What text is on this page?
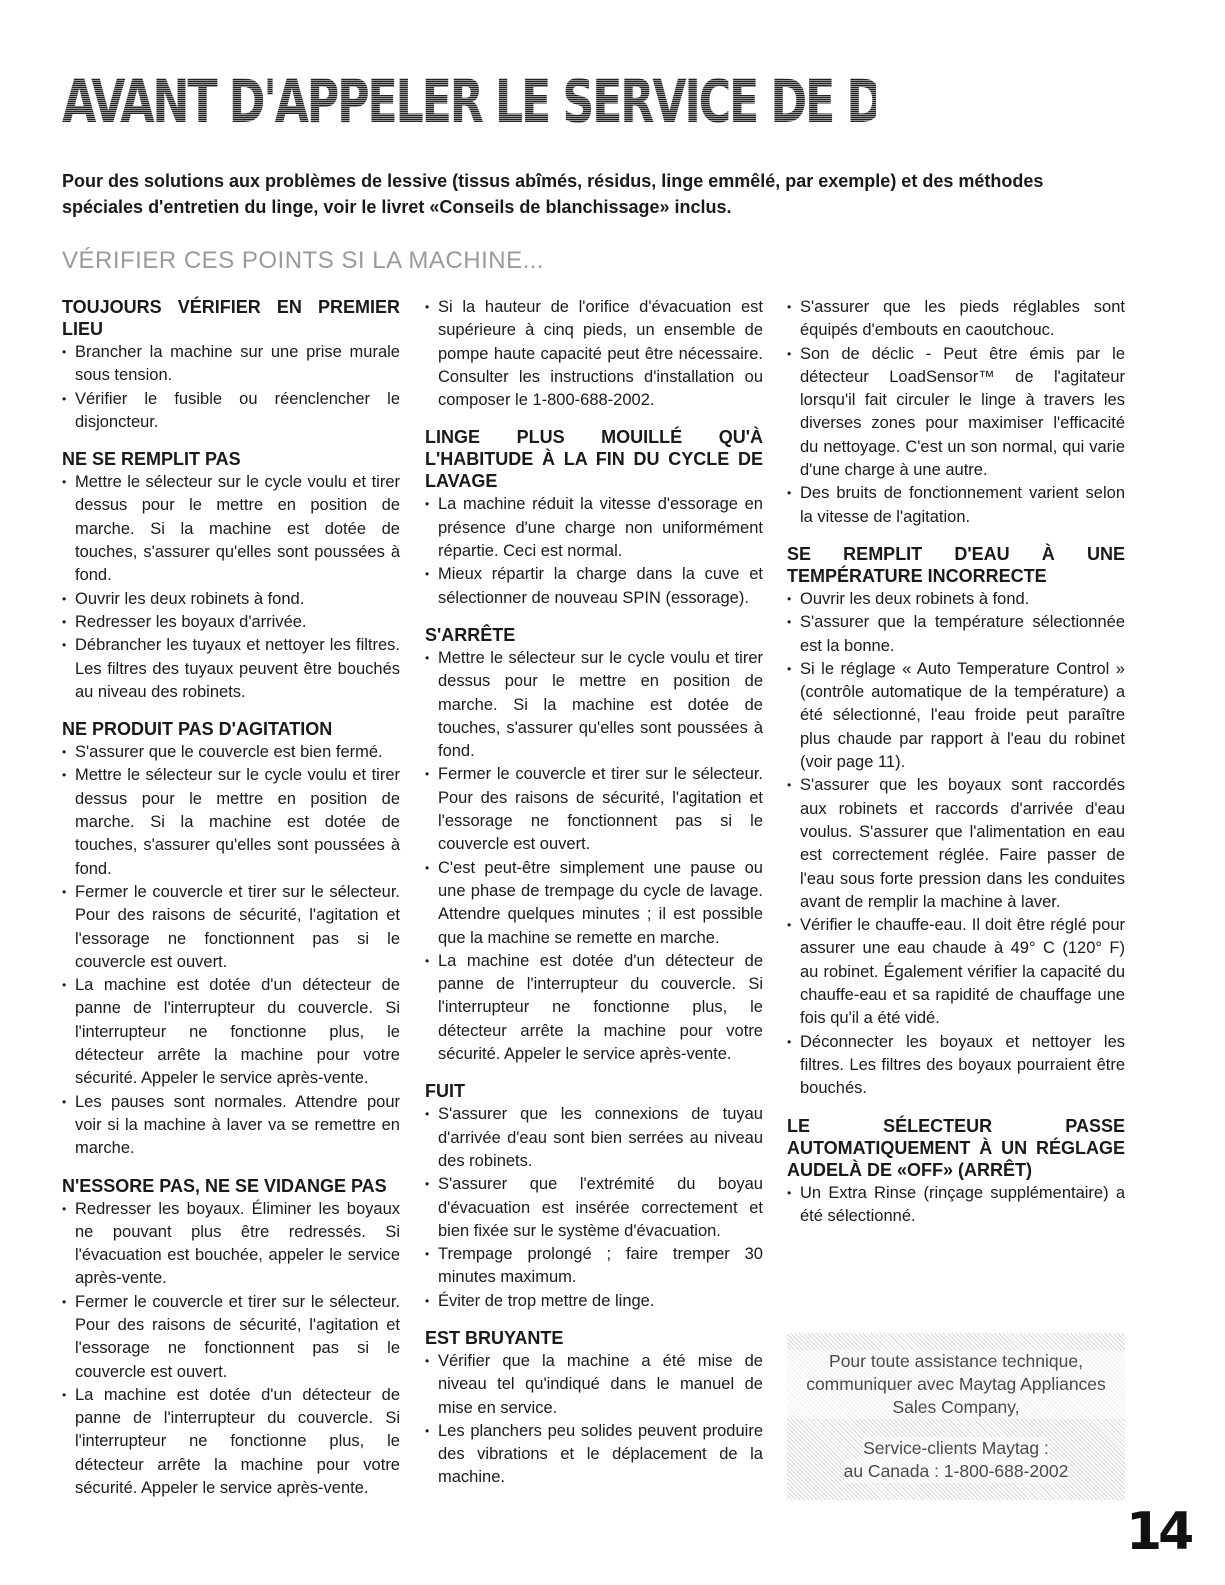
AVANT D'APPELER LE SERVICE DE DÉPANNAGE

Pour des solutions aux problèmes de lessive (tissus abîmés, résidus, linge emmêlé, par exemple) et des méthodes spéciales d'entretien du linge, voir le livret «Conseils de blanchissage» inclus.

VÉRIFIER CES POINTS SI LA MACHINE...
TOUJOURS VÉRIFIER EN PREMIER LIEU
• Brancher la machine sur une prise murale sous tension.
• Vérifier le fusible ou réenclencher le disjoncteur.
NE SE REMPLIT PAS
• Mettre le sélecteur sur le cycle voulu et tirer dessus pour le mettre en position de marche. Si la machine est dotée de touches, s'assurer qu'elles sont poussées à fond.
• Ouvrir les deux robinets à fond.
• Redresser les boyaux d'arrivée.
• Débrancher les tuyaux et nettoyer les filtres. Les filtres des tuyaux peuvent être bouchés au niveau des robinets.
NE PRODUIT PAS D'AGITATION
• S'assurer que le couvercle est bien fermé.
• Mettre le sélecteur sur le cycle voulu et tirer dessus pour le mettre en position de marche. Si la machine est dotée de touches, s'assurer qu'elles sont poussées à fond.
• Fermer le couvercle et tirer sur le sélecteur. Pour des raisons de sécurité, l'agitation et l'essorage ne fonctionnent pas si le couvercle est ouvert.
• La machine est dotée d'un détecteur de panne de l'interrupteur du couvercle. Si l'interrupteur ne fonctionne plus, le détecteur arrête la machine pour votre sécurité. Appeler le service après-vente.
• Les pauses sont normales. Attendre pour voir si la machine à laver va se remettre en marche.
N'ESSORE PAS, NE SE VIDANGE PAS
• Redresser les boyaux. Éliminer les boyaux ne pouvant plus être redressés. Si l'évacuation est bouchée, appeler le service après-vente.
• Fermer le couvercle et tirer sur le sélecteur. Pour des raisons de sécurité, l'agitation et l'essorage ne fonctionnent pas si le couvercle est ouvert.
• La machine est dotée d'un détecteur de panne de l'interrupteur du couvercle. Si l'interrupteur ne fonctionne plus, le détecteur arrête la machine pour votre sécurité. Appeler le service après-vente.
• Si la hauteur de l'orifice d'évacuation est supérieure à cinq pieds, un ensemble de pompe haute capacité peut être nécessaire. Consulter les instructions d'installation ou composer le 1-800-688-2002.
LINGE PLUS MOUILLÉ QU'À L'HABITUDE À LA FIN DU CYCLE DE LAVAGE
• La machine réduit la vitesse d'essorage en présence d'une charge non uniformément répartie. Ceci est normal.
• Mieux répartir la charge dans la cuve et sélectionner de nouveau SPIN (essorage).
S'ARRÊTE
• Mettre le sélecteur sur le cycle voulu et tirer dessus pour le mettre en position de marche. Si la machine est dotée de touches, s'assurer qu'elles sont poussées à fond.
• Fermer le couvercle et tirer sur le sélecteur. Pour des raisons de sécurité, l'agitation et l'essorage ne fonctionnent pas si le couvercle est ouvert.
• C'est peut-être simplement une pause ou une phase de trempage du cycle de lavage. Attendre quelques minutes ; il est possible que la machine se remette en marche.
• La machine est dotée d'un détecteur de panne de l'interrupteur du couvercle. Si l'interrupteur ne fonctionne plus, le détecteur arrête la machine pour votre sécurité. Appeler le service après-vente.
FUIT
• S'assurer que les connexions de tuyau d'arrivée d'eau sont bien serrées au niveau des robinets.
• S'assurer que l'extrémité du boyau d'évacuation est insérée correctement et bien fixée sur le système d'évacuation.
• Trempage prolongé ; faire tremper 30 minutes maximum.
• Éviter de trop mettre de linge.
EST BRUYANTE
• Vérifier que la machine a été mise de niveau tel qu'indiqué dans le manuel de mise en service.
• Les planchers peu solides peuvent produire des vibrations et le déplacement de la machine.
• S'assurer que les pieds réglables sont équipés d'embouts en caoutchouc.
• Son de déclic - Peut être émis par le détecteur LoadSensor™ de l'agitateur lorsqu'il fait circuler le linge à travers les diverses zones pour maximiser l'efficacité du nettoyage. C'est un son normal, qui varie d'une charge à une autre.
• Des bruits de fonctionnement varient selon la vitesse de l'agitation.
SE REMPLIT D'EAU À UNE TEMPÉRATURE INCORRECTE
• Ouvrir les deux robinets à fond.
• S'assurer que la température sélectionnée est la bonne.
• Si le réglage « Auto Temperature Control » (contrôle automatique de la température) a été sélectionné, l'eau froide peut paraître plus chaude par rapport à l'eau du robinet (voir page 11).
• S'assurer que les boyaux sont raccordés aux robinets et raccords d'arrivée d'eau voulus. S'assurer que l'alimentation en eau est correctement réglée. Faire passer de l'eau sous forte pression dans les conduites avant de remplir la machine à laver.
• Vérifier le chauffe-eau. Il doit être réglé pour assurer une eau chaude à 49° C (120° F) au robinet. Également vérifier la capacité du chauffe-eau et sa rapidité de chauffage une fois qu'il a été vidé.
• Déconnecter les boyaux et nettoyer les filtres. Les filtres des boyaux pourraient être bouchés.
LE SÉLECTEUR PASSE AUTOMATIQUEMENT À UN RÉGLAGE AUDELÀ DE «OFF» (ARRÊT)
• Un Extra Rinse (rinçage supplémentaire) a été sélectionné.

Pour toute assistance technique, communiquer avec Maytag Appliances Sales Company,

Service-clients Maytag :

au Canada : 1-800-688-2002

14
